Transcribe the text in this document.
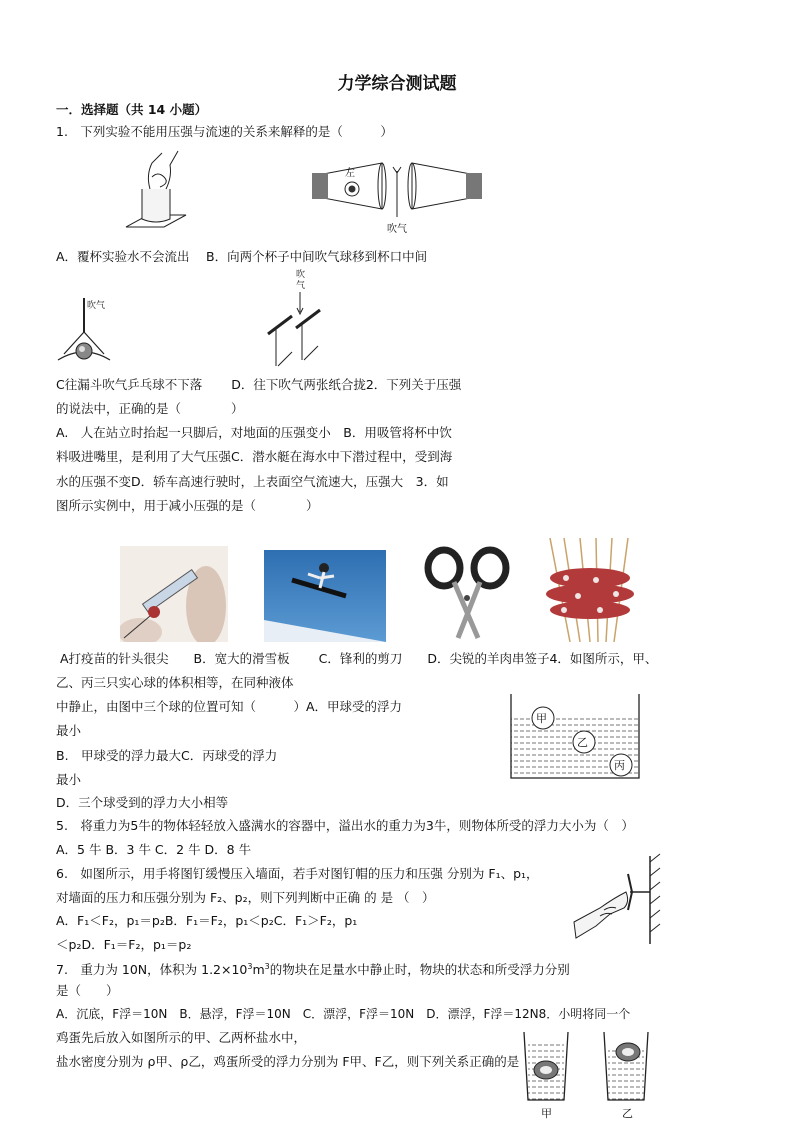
力学综合测试题
一．选择题（共 14 小题）
1.　下列实验不能用压强与流速的关系来解释的是（　　　）
左
吹气
A．覆杯实验水不会流出　 B．向两个杯子中间吹气球移到杯口中间
吹气
吹气
C往漏斗吹气乒乓球不下落　　 D．往下吹气两张纸合拢2．下列关于压强
的说法中，正确的是（　　　　）
A.　人在站立时抬起一只脚后，对地面的压强变小　B．用吸管将杯中饮
料吸进嘴里，是利用了大气压强C．潜水艇在海水中下潜过程中，受到海
水的压强不变D．轿车高速行驶时，上表面空气流速大，压强大　3．如
图所示实例中，用于减小压强的是（　　　　）
A打疫苗的针头很尖　　B．宽大的滑雪板　　 C．锋利的剪刀　　D．尖锐的羊肉串签子4．如图所示，甲、
乙、丙三只实心球的体积相等，在同种液体
中静止，由图中三个球的位置可知（　　　）A．甲球受的浮力
最小
B.　甲球受的浮力最大C．丙球受的浮力
最小
D．三个球受到的浮力大小相等
甲
乙
丙
5.　将重力为5牛的物体轻轻放入盛满水的容器中，溢出水的重力为3牛，则物体所受的浮力大小为（　）
A．5 牛 B．3 牛 C．2 牛 D．8 牛
6.　如图所示，用手将图钉缓慢压入墙面，若手对图钉帽的压力和压强 分别为 F₁、p₁，
对墙面的压力和压强分别为 F₂、p₂，则下列判断中正确 的 是 （　）
A．F₁＜F₂，p₁＝p₂B．F₁＝F₂，p₁＜p₂C．F₁＞F₂，p₁
＜p₂D．F₁＝F₂，p₁＝p₂
7.　重力为 10N，体积为 $1.2\times 10^3m^3$的物块在足量水中静止时，物块的状态和所受浮力分别
是（　　）
A．沉底，F浮＝10N　B．悬浮，F浮＝10N　C．漂浮，F浮＝10N　D．漂浮，F浮＝12N8．小明将同一个
鸡蛋先后放入如图所示的甲、乙两杯盐水中，
盐水密度分别为 ρ甲、ρ乙，鸡蛋所受的浮力分别为 F甲、F乙，则下列关系正确的是
甲	乙
